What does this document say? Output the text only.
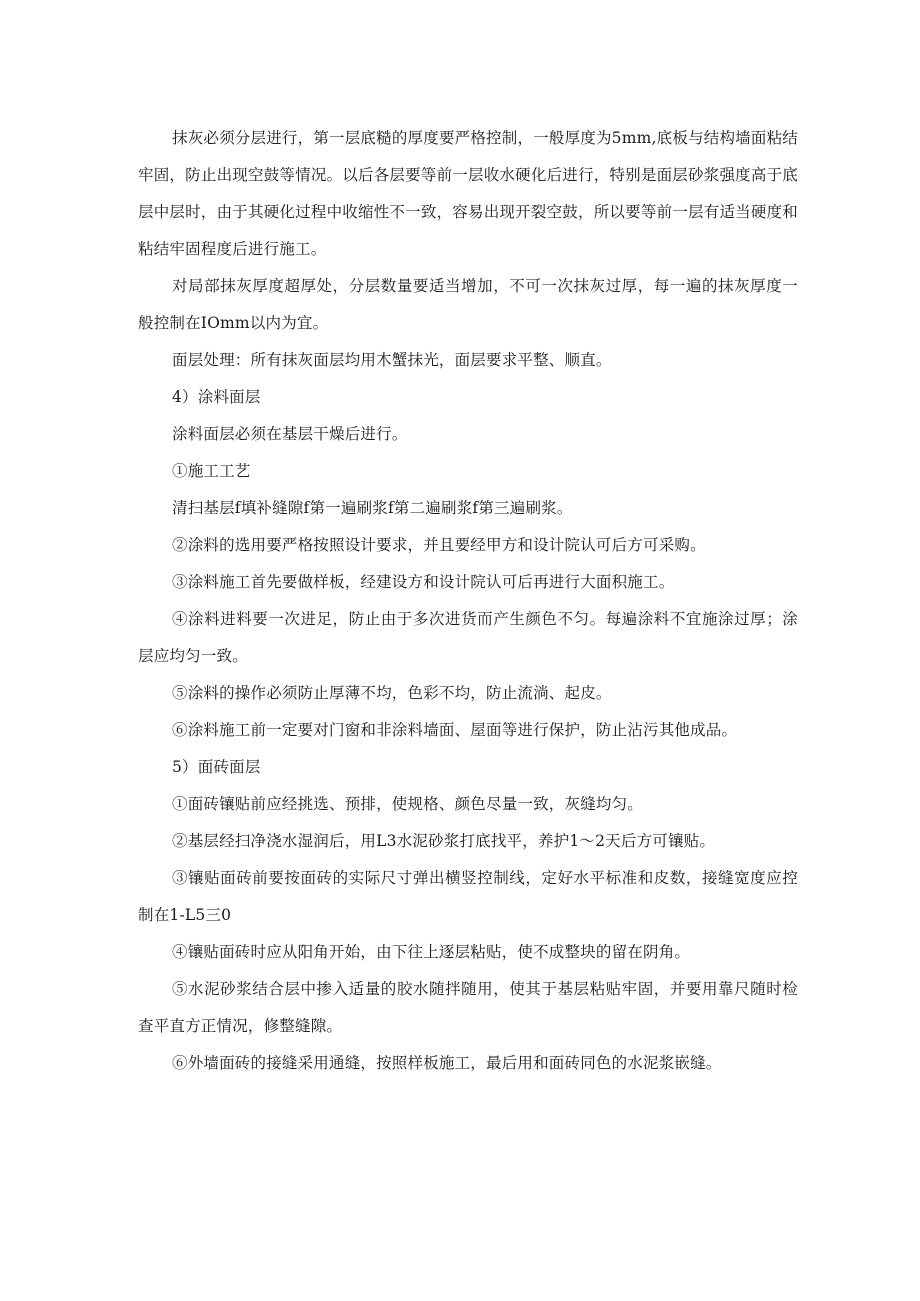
抹灰必须分层进行，第一层底糙的厚度要严格控制，一般厚度为5mm,底板与结构墙面粘结牢固，防止出现空鼓等情况。以后各层要等前一层收水硬化后进行，特别是面层砂浆强度高于底层中层时，由于其硬化过程中收缩性不一致，容易出现开裂空鼓，所以要等前一层有适当硬度和粘结牢固程度后进行施工。

对局部抹灰厚度超厚处，分层数量要适当增加，不可一次抹灰过厚，每一遍的抹灰厚度一般控制在IOmm以内为宜。

面层处理：所有抹灰面层均用木蟹抹光，面层要求平整、顺直。

4）涂料面层

涂料面层必须在基层干燥后进行。

①施工工艺

清扫基层f填补缝隙f第一遍刷浆f第二遍刷浆f第三遍刷浆。

②涂料的选用要严格按照设计要求，并且要经甲方和设计院认可后方可采购。

③涂料施工首先要做样板，经建设方和设计院认可后再进行大面积施工。

④涂料进料要一次进足，防止由于多次进货而产生颜色不匀。每遍涂料不宜施涂过厚；涂层应均匀一致。

⑤涂料的操作必须防止厚薄不均，色彩不均，防止流淌、起皮。

⑥涂料施工前一定要对门窗和非涂料墙面、屋面等进行保护，防止沾污其他成品。

5）面砖面层

①面砖镶贴前应经挑选、预排，使规格、颜色尽量一致，灰缝均匀。

②基层经扫净浇水湿润后，用L3水泥砂浆打底找平，养护1～2天后方可镶贴。

③镶贴面砖前要按面砖的实际尺寸弹出横竖控制线，定好水平标准和皮数，接缝宽度应控制在1-L5三0

④镶贴面砖时应从阳角开始，由下往上逐层粘贴，使不成整块的留在阴角。

⑤水泥砂浆结合层中掺入适量的胶水随拌随用，使其于基层粘贴牢固，并要用靠尺随时检查平直方正情况，修整缝隙。

⑥外墙面砖的接缝采用通缝，按照样板施工，最后用和面砖同色的水泥浆嵌缝。
